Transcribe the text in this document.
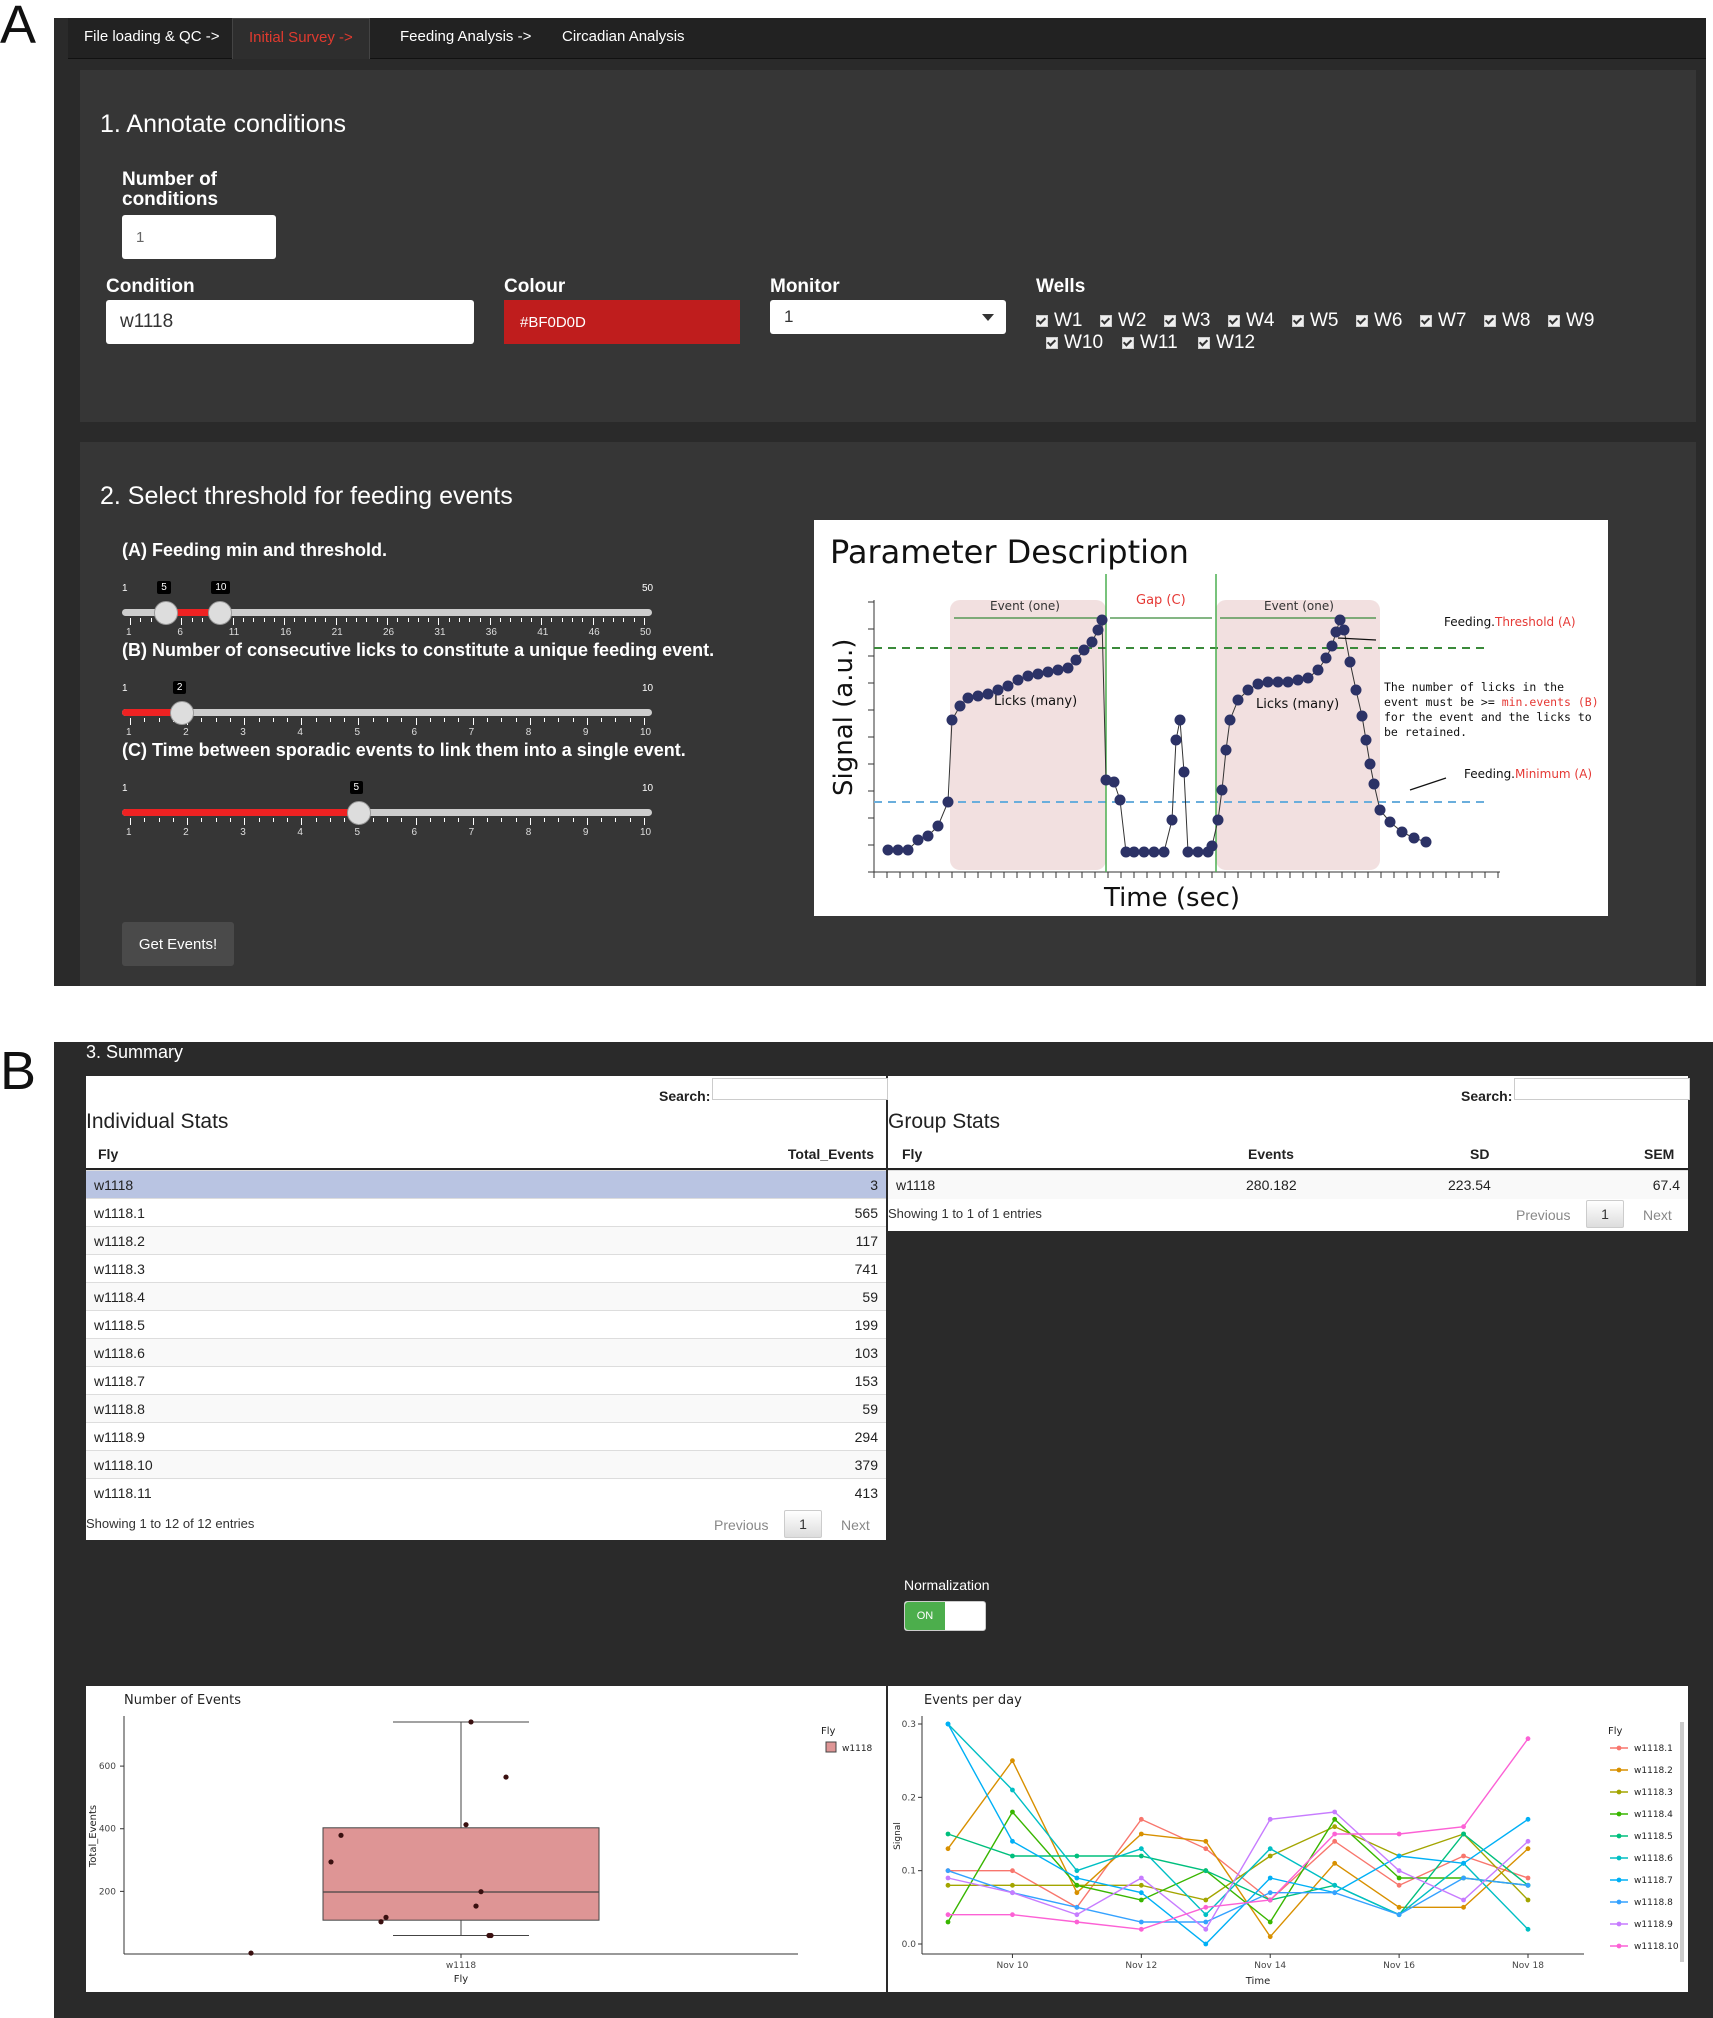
A
B
File loading & QC ->	Initial Survey ->	Feeding Analysis ->	Circadian Analysis
1. Annotate conditions
Number of conditions
1
Condition
w1118
Colour
#BF0D0D
Monitor
1
Wells
W1 W2 W3 W4 W5 W6 W7 W8 W9
W10 W11 W12
2. Select threshold for feeding events
(A) Feeding min and threshold.
(B) Number of consecutive licks to constitute a unique feeding event.
(C) Time between sporadic events to link them into a single event.
Get Events!
Parameter Description
Event (one)	Gap (C)	Event (one)
Licks (many)	Licks (many)
Feeding.Threshold (A)
The number of licks in the
event must be >= min.events (B)
for the event and the licks to
be retained.
Feeding.Minimum (A)
Signal (a.u.)
Time (sec)
1	50
1	6	11	16	21	26	31	36	41	46	50
5	10
1	10
1	2	3	4	5	6	7	8	9	10
2
1	10
1	2	3	4	5	6	7	8	9	10
5
3. Summary
Search:
Individual Stats
Fly	Total_Events
Showing 1 to 12 of 12 entries	Previous	1	Next
w1118	3
w1118.1	565
w1118.2	117
w1118.3	741
w1118.4	59
w1118.5	199
w1118.6	103
w1118.7	153
w1118.8	59
w1118.9	294
w1118.10	379
w1118.11	413
Search:
Group Stats
Fly	Events	SD	SEM
w1118	280.182	223.54	67.4
Showing 1 to 1 of 1 entries	Previous	1	Next
Normalization
ON
Number of Events
200
400
600
Total_Events
w1118
Fly
Fly
w1118
Events per day
0.0
0.1
0.2
0.3
Nov 10	Nov 12	Nov 14	Nov 16	Nov 18
Signal
Time
Fly
w1118.1
w1118.2
w1118.3
w1118.4
w1118.5
w1118.6
w1118.7
w1118.8
w1118.9
w1118.10
